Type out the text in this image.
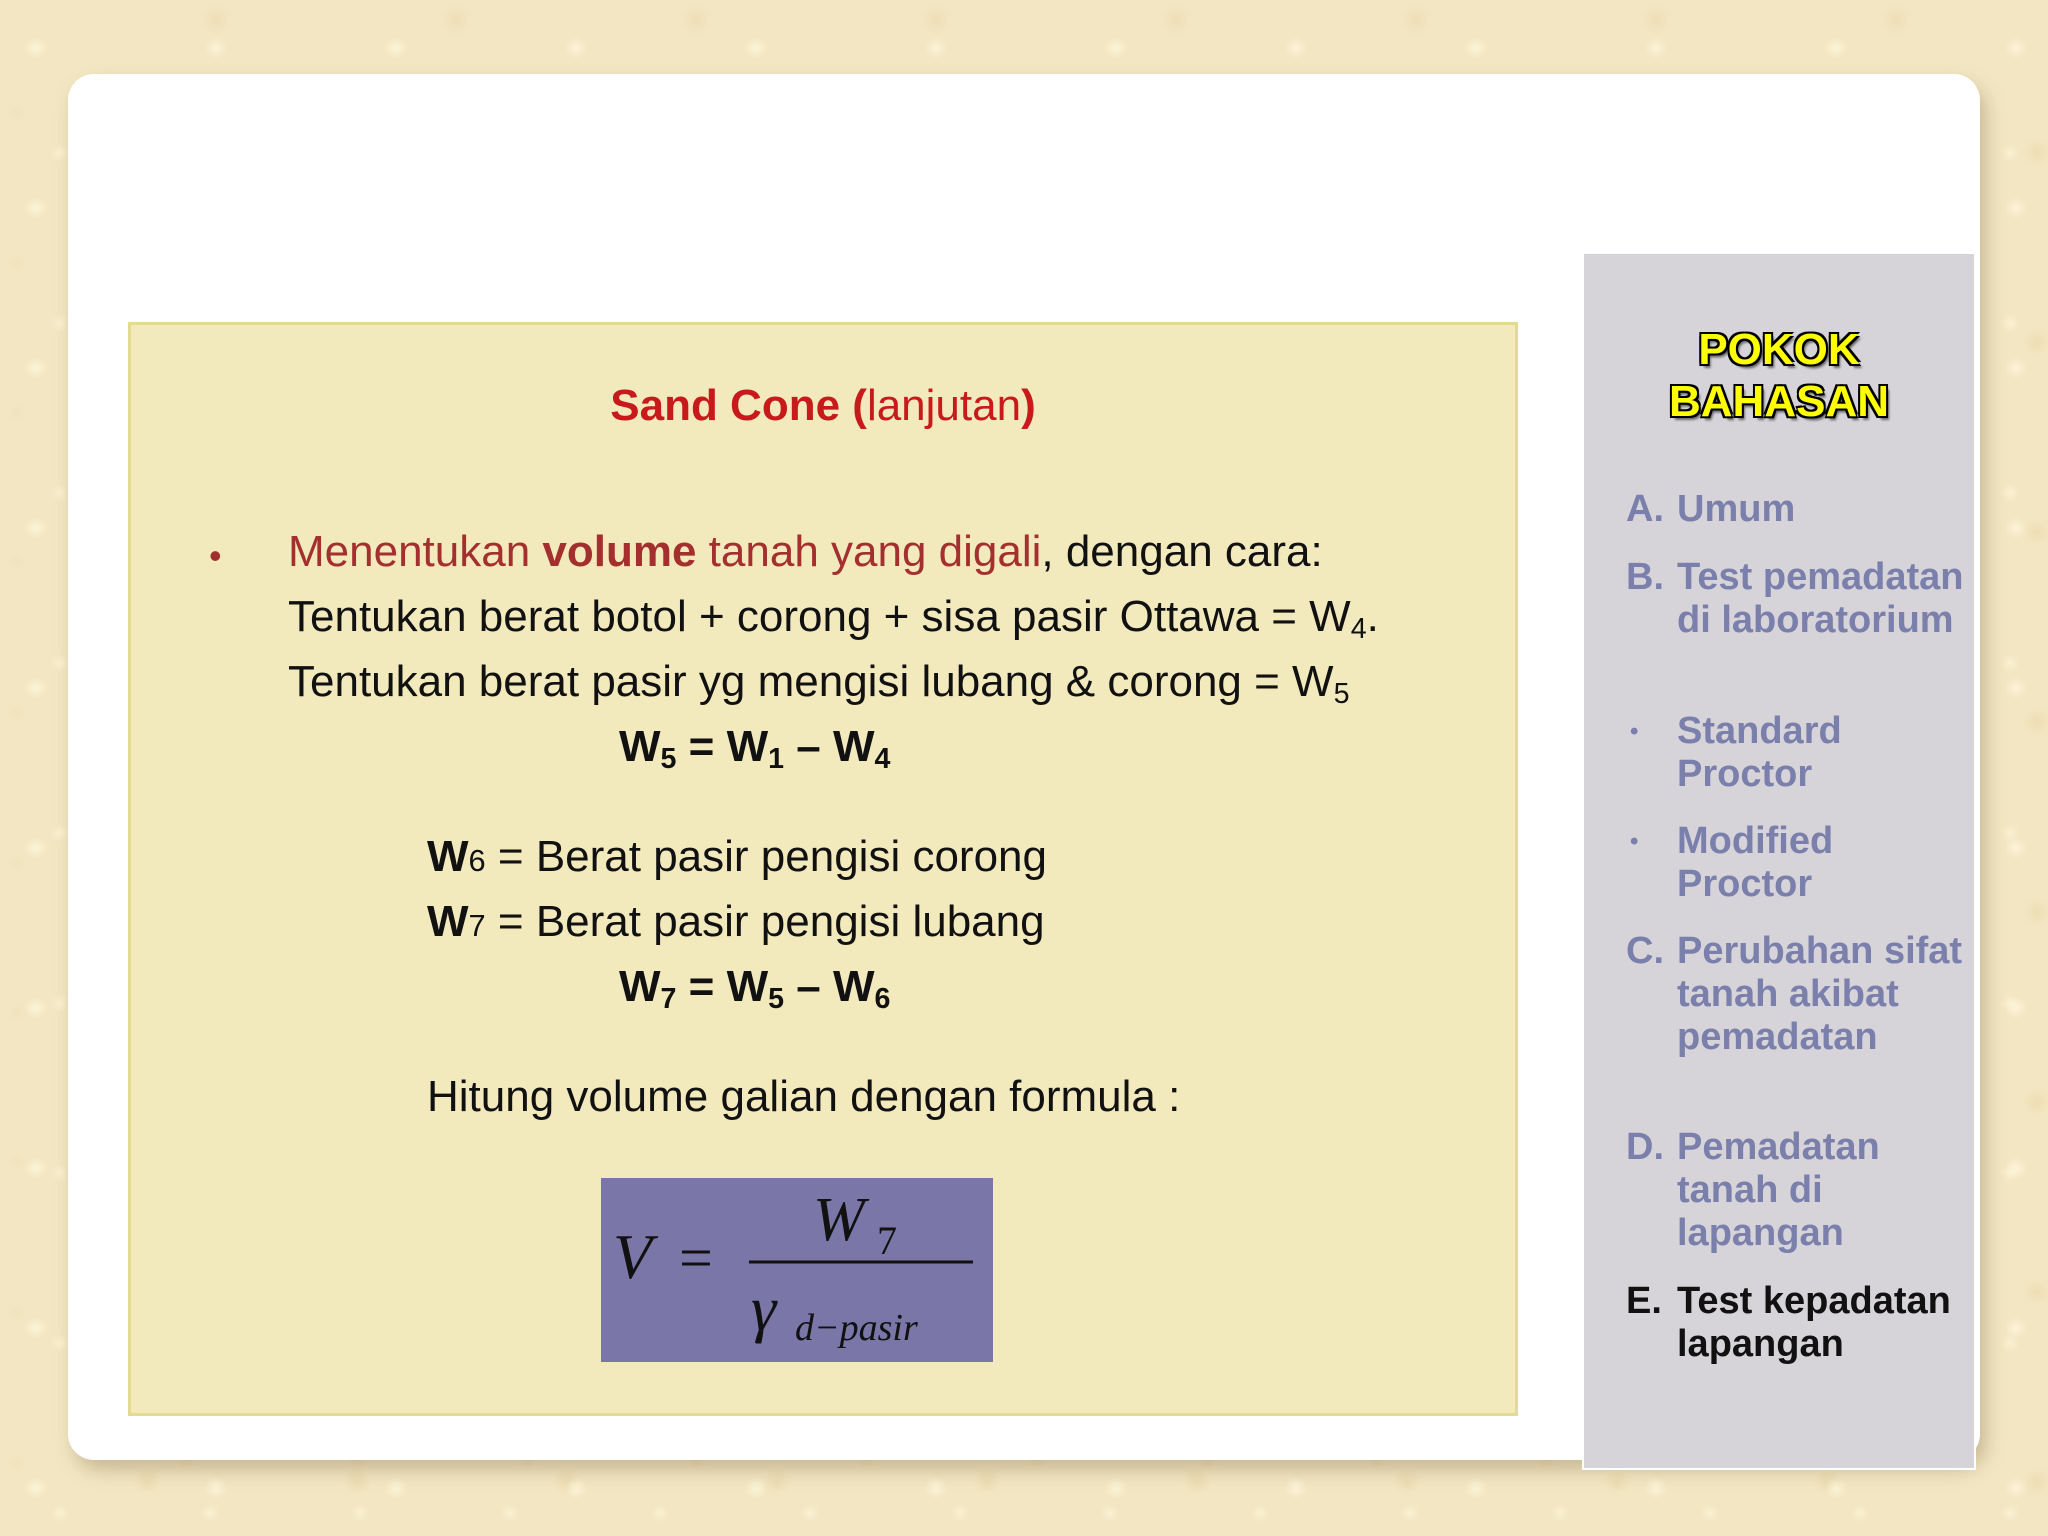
Sand Cone (lanjutan)
• Menentukan volume tanah yang digali, dengan cara:
Tentukan berat botol + corong + sisa pasir Ottawa = $W_4$.
Tentukan berat pasir yg mengisi lubang & corong = $W_5$
$W_5 = W_1 - W_4$
W6 = Berat pasir pengisi corong
W7 = Berat pasir pengisi lubang
$W_7 = W_5 - W_6$
Hitung volume galian dengan formula :
V =
W 7
γ d−pasir
POKOK
BAHASAN
A. Umum
B. Test pemadatan di laboratorium
• Standard Proctor
• Modified Proctor
C. Perubahan sifat tanah akibat pemadatan
D. Pemadatan tanah di lapangan
E. Test kepadatan lapangan
